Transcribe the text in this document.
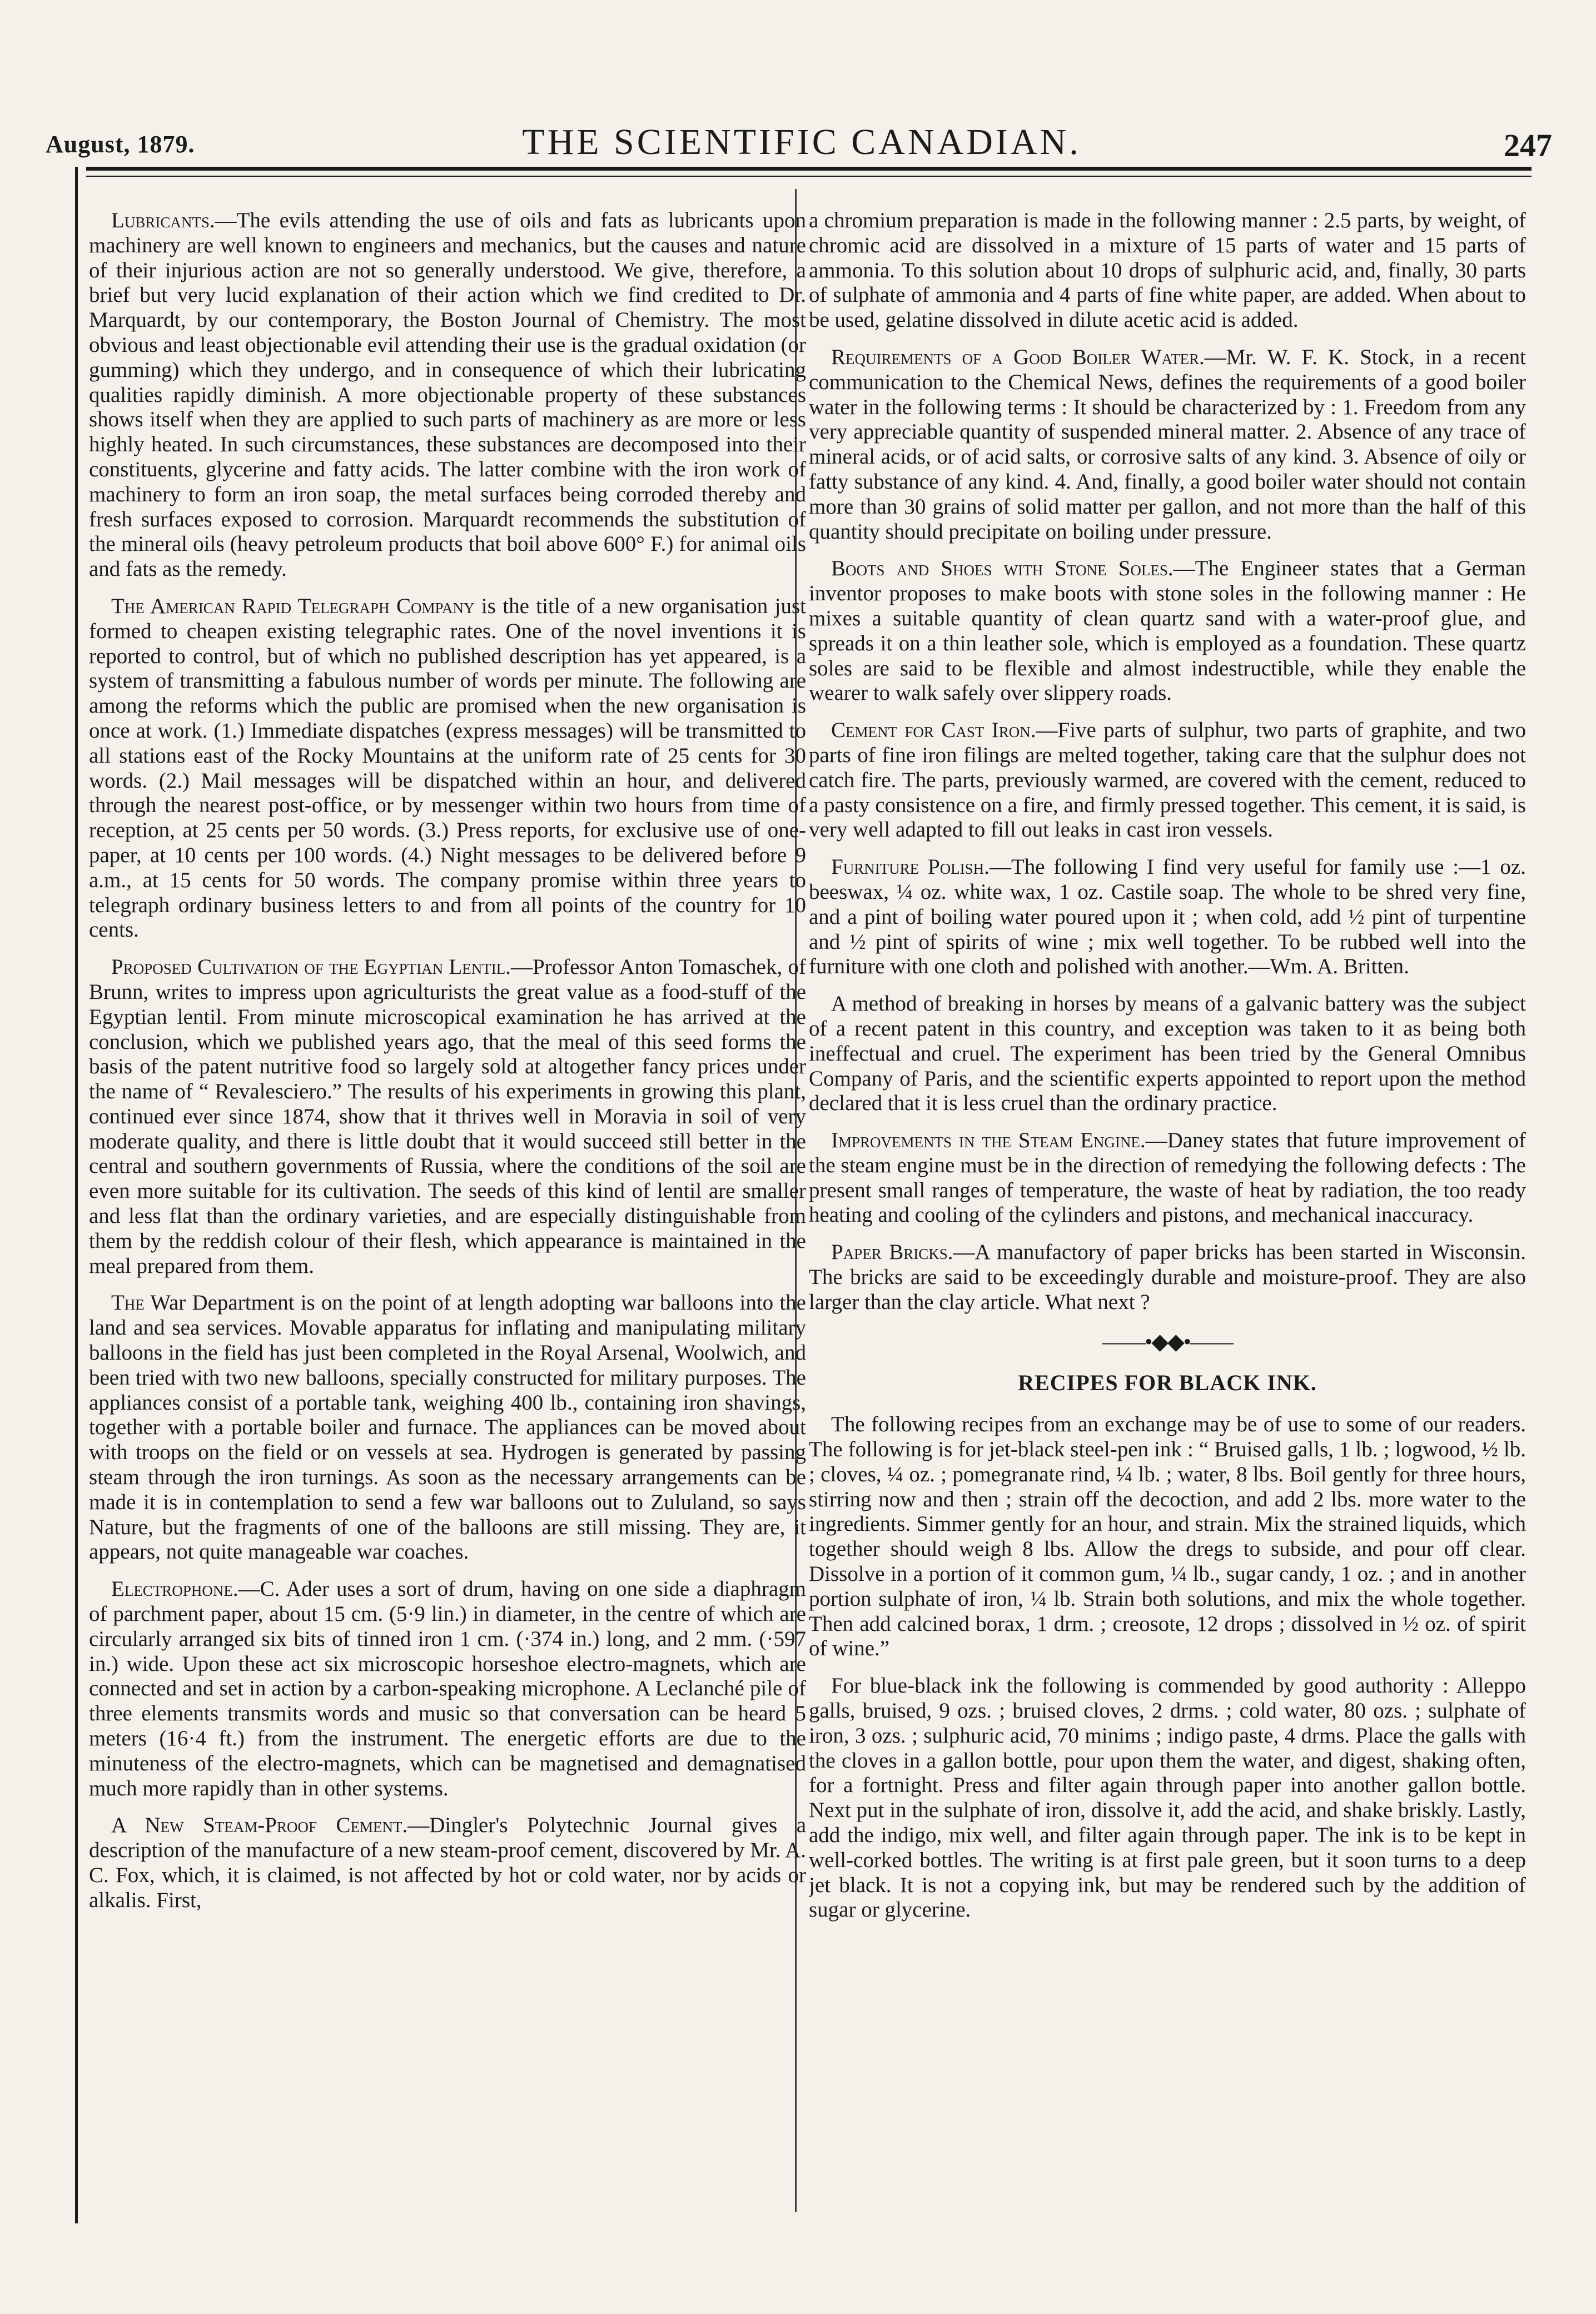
August, 1879.	THE SCIENTIFIC CANADIAN.	247

Lubricants.—The evils attending the use of oils and fats as lubricants upon machinery are well known to engineers and mechanics, but the causes and nature of their injurious action are not so generally understood. We give, therefore, a brief but very lucid explanation of their action which we find credited to Dr. Marquardt, by our contemporary, the Boston Journal of Chemistry. The most obvious and least objectionable evil attending their use is the gradual oxidation (or gumming) which they undergo, and in consequence of which their lubricating qualities rapidly diminish. A more objectionable property of these substances shows itself when they are applied to such parts of machinery as are more or less highly heated. In such circumstances, these substances are decomposed into their constituents, glycerine and fatty acids. The latter combine with the iron work of machinery to form an iron soap, the metal surfaces being corroded thereby and fresh surfaces exposed to corrosion. Marquardt recommends the substitution of the mineral oils (heavy petroleum products that boil above 600° F.) for animal oils and fats as the remedy.

The American Rapid Telegraph Company is the title of a new organisation just formed to cheapen existing telegraphic rates. One of the novel inventions it is reported to control, but of which no published description has yet appeared, is a system of transmitting a fabulous number of words per minute. The following are among the reforms which the public are promised when the new organisation is once at work. (1.) Immediate dispatches (express messages) will be transmitted to all stations east of the Rocky Mountains at the uniform rate of 25 cents for 30 words. (2.) Mail messages will be dispatched within an hour, and delivered through the nearest post-office, or by messenger within two hours from time of reception, at 25 cents per 50 words. (3.) Press reports, for exclusive use of one-paper, at 10 cents per 100 words. (4.) Night messages to be delivered before 9 a.m., at 15 cents for 50 words. The company promise within three years to telegraph ordinary business letters to and from all points of the country for 10 cents.

Proposed Cultivation of the Egyptian Lentil.—Professor Anton Tomaschek, of Brunn, writes to impress upon agriculturists the great value as a food-stuff of the Egyptian lentil. From minute microscopical examination he has arrived at the conclusion, which we published years ago, that the meal of this seed forms the basis of the patent nutritive food so largely sold at altogether fancy prices under the name of “ Revalesciero.” The results of his experiments in growing this plant, continued ever since 1874, show that it thrives well in Moravia in soil of very moderate quality, and there is little doubt that it would succeed still better in the central and southern governments of Russia, where the conditions of the soil are even more suitable for its cultivation. The seeds of this kind of lentil are smaller and less flat than the ordinary varieties, and are especially distinguishable from them by the reddish colour of their flesh, which appearance is maintained in the meal prepared from them.

The War Department is on the point of at length adopting war balloons into the land and sea services. Movable apparatus for inflating and manipulating military balloons in the field has just been completed in the Royal Arsenal, Woolwich, and been tried with two new balloons, specially constructed for military purposes. The appliances consist of a portable tank, weighing 400 lb., containing iron shavings, together with a portable boiler and furnace. The appliances can be moved about with troops on the field or on vessels at sea. Hydrogen is generated by passing steam through the iron turnings. As soon as the necessary arrangements can be made it is in contemplation to send a few war balloons out to Zululand, so says Nature, but the fragments of one of the balloons are still missing. They are, it appears, not quite manageable war coaches.

Electrophone.—C. Ader uses a sort of drum, having on one side a diaphragm of parchment paper, about 15 cm. (5·9 lin.) in diameter, in the centre of which are circularly arranged six bits of tinned iron 1 cm. (·374 in.) long, and 2 mm. (·597 in.) wide. Upon these act six microscopic horseshoe electro-magnets, which are connected and set in action by a carbon-speaking microphone. A Leclanché pile of three elements transmits words and music so that conversation can be heard 5 meters (16·4 ft.) from the instrument. The energetic efforts are due to the minuteness of the electro-magnets, which can be magnetised and demagnatised much more rapidly than in other systems.

A New Steam-Proof Cement.—Dingler's Polytechnic Journal gives a description of the manufacture of a new steam-proof cement, discovered by Mr. A. C. Fox, which, it is claimed, is not affected by hot or cold water, nor by acids or alkalis. First,

a chromium preparation is made in the following manner : 2.5 parts, by weight, of chromic acid are dissolved in a mixture of 15 parts of water and 15 parts of ammonia. To this solution about 10 drops of sulphuric acid, and, finally, 30 parts of sulphate of ammonia and 4 parts of fine white paper, are added. When about to be used, gelatine dissolved in dilute acetic acid is added.

Requirements of a Good Boiler Water.—Mr. W. F. K. Stock, in a recent communication to the Chemical News, defines the requirements of a good boiler water in the following terms : It should be characterized by : 1. Freedom from any very appreciable quantity of suspended mineral matter. 2. Absence of any trace of mineral acids, or of acid salts, or corrosive salts of any kind. 3. Absence of oily or fatty substance of any kind. 4. And, finally, a good boiler water should not contain more than 30 grains of solid matter per gallon, and not more than the half of this quantity should precipitate on boiling under pressure.

Boots and Shoes with Stone Soles.—The Engineer states that a German inventor proposes to make boots with stone soles in the following manner : He mixes a suitable quantity of clean quartz sand with a water-proof glue, and spreads it on a thin leather sole, which is employed as a foundation. These quartz soles are said to be flexible and almost indestructible, while they enable the wearer to walk safely over slippery roads.

Cement for Cast Iron.—Five parts of sulphur, two parts of graphite, and two parts of fine iron filings are melted together, taking care that the sulphur does not catch fire. The parts, previously warmed, are covered with the cement, reduced to a pasty consistence on a fire, and firmly pressed together. This cement, it is said, is very well adapted to fill out leaks in cast iron vessels.

Furniture Polish.—The following I find very useful for family use :—1 oz. beeswax, ¼ oz. white wax, 1 oz. Castile soap. The whole to be shred very fine, and a pint of boiling water poured upon it ; when cold, add ½ pint of turpentine and ½ pint of spirits of wine ; mix well together. To be rubbed well into the furniture with one cloth and polished with another.—Wm. A. Britten.

A method of breaking in horses by means of a galvanic battery was the subject of a recent patent in this country, and exception was taken to it as being both ineffectual and cruel. The experiment has been tried by the General Omnibus Company of Paris, and the scientific experts appointed to report upon the method declared that it is less cruel than the ordinary practice.

Improvements in the Steam Engine.—Daney states that future improvement of the steam engine must be in the direction of remedying the following defects : The present small ranges of temperature, the waste of heat by radiation, the too ready heating and cooling of the cylinders and pistons, and mechanical inaccuracy.

Paper Bricks.—A manufactory of paper bricks has been started in Wisconsin. The bricks are said to be exceedingly durable and moisture-proof. They are also larger than the clay article. What next ?

——•◆◆•——
RECIPES FOR BLACK INK.

The following recipes from an exchange may be of use to some of our readers. The following is for jet-black steel-pen ink : “ Bruised galls, 1 lb. ; logwood, ½ lb. ; cloves, ¼ oz. ; pomegranate rind, ¼ lb. ; water, 8 lbs. Boil gently for three hours, stirring now and then ; strain off the decoction, and add 2 lbs. more water to the ingredients. Simmer gently for an hour, and strain. Mix the strained liquids, which together should weigh 8 lbs. Allow the dregs to subside, and pour off clear. Dissolve in a portion of it common gum, ¼ lb., sugar candy, 1 oz. ; and in another portion sulphate of iron, ¼ lb. Strain both solutions, and mix the whole together. Then add calcined borax, 1 drm. ; creosote, 12 drops ; dissolved in ½ oz. of spirit of wine.”

For blue-black ink the following is commended by good authority : Alleppo galls, bruised, 9 ozs. ; bruised cloves, 2 drms. ; cold water, 80 ozs. ; sulphate of iron, 3 ozs. ; sulphuric acid, 70 minims ; indigo paste, 4 drms. Place the galls with the cloves in a gallon bottle, pour upon them the water, and digest, shaking often, for a fortnight. Press and filter again through paper into another gallon bottle. Next put in the sulphate of iron, dissolve it, add the acid, and shake briskly. Lastly, add the indigo, mix well, and filter again through paper. The ink is to be kept in well-corked bottles. The writing is at first pale green, but it soon turns to a deep jet black. It is not a copying ink, but may be rendered such by the addition of sugar or glycerine.
